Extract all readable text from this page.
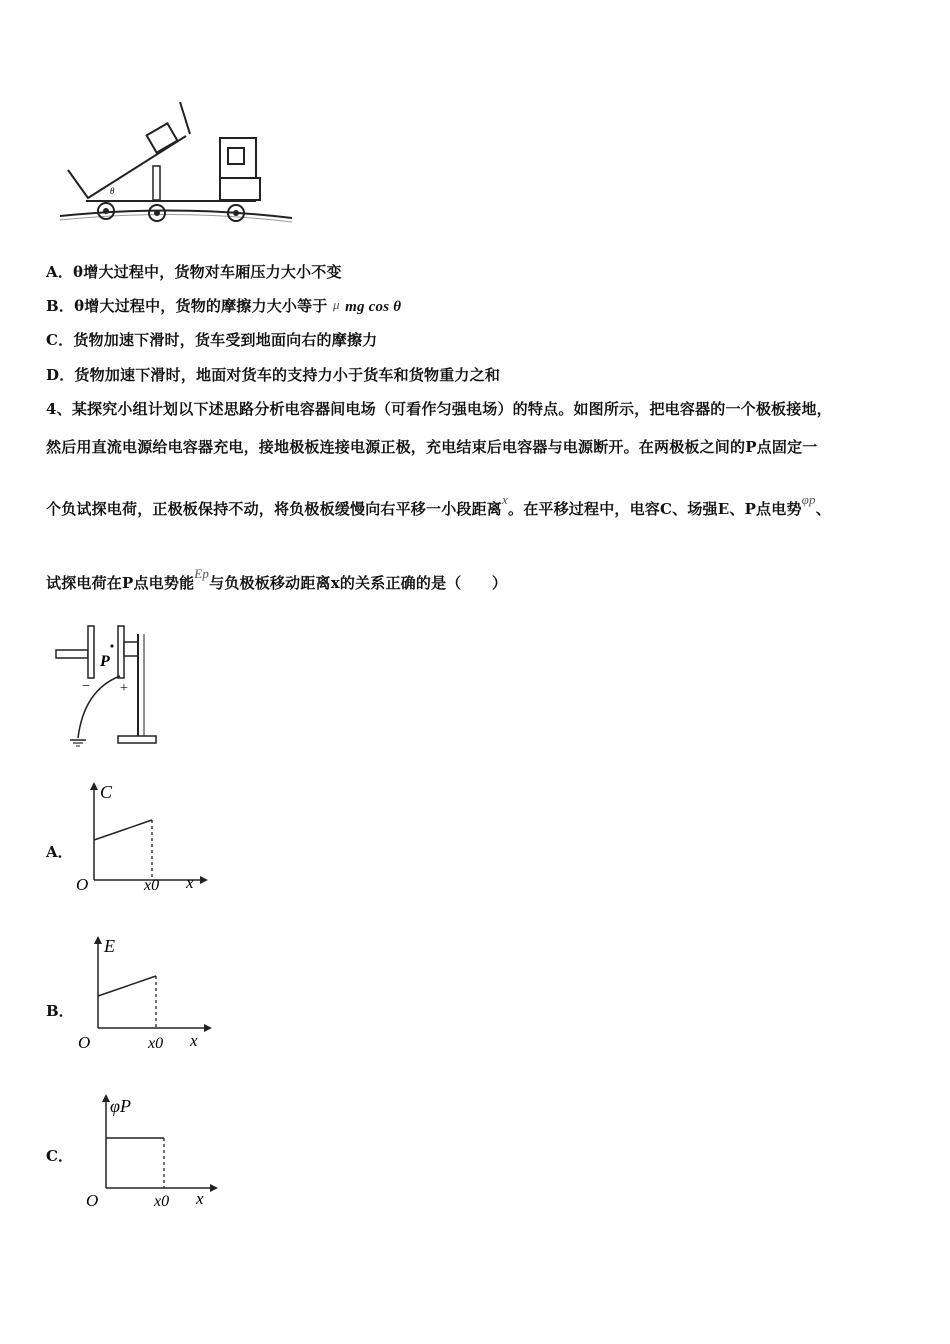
θ
A．θ增大过程中，货物对车厢压力大小不变
B．θ增大过程中，货物的摩擦力大小等于 μ mg cos θ
C．货物加速下滑时，货车受到地面向右的摩擦力
D．货物加速下滑时，地面对货车的支持力小于货车和货物重力之和
4、某探究小组计划以下述思路分析电容器间电场（可看作匀强电场）的特点。如图所示，把电容器的一个极板接地，
然后用直流电源给电容器充电，接地极板连接电源正极，充电结束后电容器与电源断开。在两极板之间的P点固定一
个负试探电荷，正极板保持不动，将负极板缓慢向右平移一小段距离x。在平移过程中，电容C、场强E、P点电势φp、
试探电荷在P点电势能Ep与负极板移动距离x的关系正确的是（　　）
P
− +
A．
C
O	x0 x
B．
E
O	x0 x
C．
φP
O	x0 x
